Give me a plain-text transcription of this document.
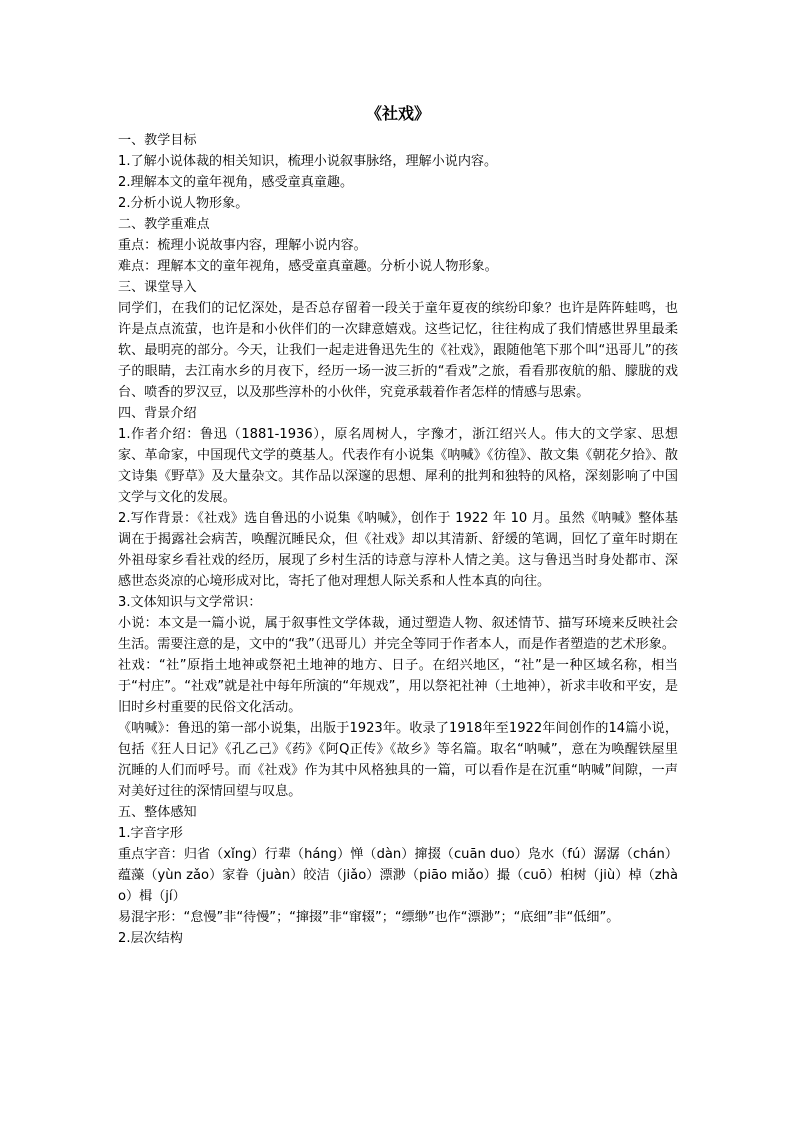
《社戏》

一、教学目标

1.了解小说体裁的相关知识，梳理小说叙事脉络，理解小说内容。

2.理解本文的童年视角，感受童真童趣。

2.分析小说人物形象。

二、教学重难点

重点：梳理小说故事内容，理解小说内容。

难点：理解本文的童年视角，感受童真童趣。分析小说人物形象。

三、课堂导入

同学们，在我们的记忆深处，是否总存留着一段关于童年夏夜的缤纷印象？也许是阵阵蛙鸣，也许是点点流萤，也许是和小伙伴们的一次肆意嬉戏。这些记忆，往往构成了我们情感世界里最柔软、最明亮的部分。今天，让我们一起走进鲁迅先生的《社戏》，跟随他笔下那个叫“迅哥儿”的孩子的眼睛，去江南水乡的月夜下，经历一场一波三折的“看戏”之旅，看看那夜航的船、朦胧的戏台、喷香的罗汉豆，以及那些淳朴的小伙伴，究竟承载着作者怎样的情感与思索。

四、背景介绍

1.作者介绍：鲁迅（1881-1936），原名周树人，字豫才，浙江绍兴人。伟大的文学家、思想家、革命家，中国现代文学的奠基人。代表作有小说集《呐喊》《彷徨》、散文集《朝花夕拾》、散文诗集《野草》及大量杂文。其作品以深邃的思想、犀利的批判和独特的风格，深刻影响了中国文学与文化的发展。

2.写作背景：《社戏》选自鲁迅的小说集《呐喊》，创作于 1922 年 10 月。虽然《呐喊》整体基调在于揭露社会病苦，唤醒沉睡民众，但《社戏》却以其清新、舒缓的笔调，回忆了童年时期在外祖母家乡看社戏的经历，展现了乡村生活的诗意与淳朴人情之美。这与鲁迅当时身处都市、深感世态炎凉的心境形成对比，寄托了他对理想人际关系和人性本真的向往。

3.文体知识与文学常识：

小说：本文是一篇小说，属于叙事性文学体裁，通过塑造人物、叙述情节、描写环境来反映社会生活。需要注意的是，文中的“我”（迅哥儿）并完全等同于作者本人，而是作者塑造的艺术形象。

社戏：“社”原指土地神或祭祀土地神的地方、日子。在绍兴地区，“社”是一种区域名称，相当于“村庄”。“社戏”就是社中每年所演的“年规戏”，用以祭祀社神（土地神），祈求丰收和平安，是旧时乡村重要的民俗文化活动。

《呐喊》：鲁迅的第一部小说集，出版于1923年。收录了1918年至1922年间创作的14篇小说，包括《狂人日记》《孔乙己》《药》《阿Q正传》《故乡》等名篇。取名“呐喊”，意在为唤醒铁屋里沉睡的人们而呼号。而《社戏》作为其中风格独具的一篇，可以看作是在沉重“呐喊”间隙，一声对美好过往的深情回望与叹息。

五、整体感知

1.字音字形

重点字音：归省（xǐng）行辈（háng）惮（dàn）撺掇（cuān duo）凫水（fú）潺潺（chán）蕴藻（yùn zǎo）家眷（juàn）皎洁（jiǎo）漂渺（piāo miǎo）撮（cuō）桕树（jiù）棹（zhào）楫（jí）

易混字形：“怠慢”非“待慢”；“撺掇”非“窜辍”；“缥缈”也作“漂渺”；“底细”非“低细”。

2.层次结构
